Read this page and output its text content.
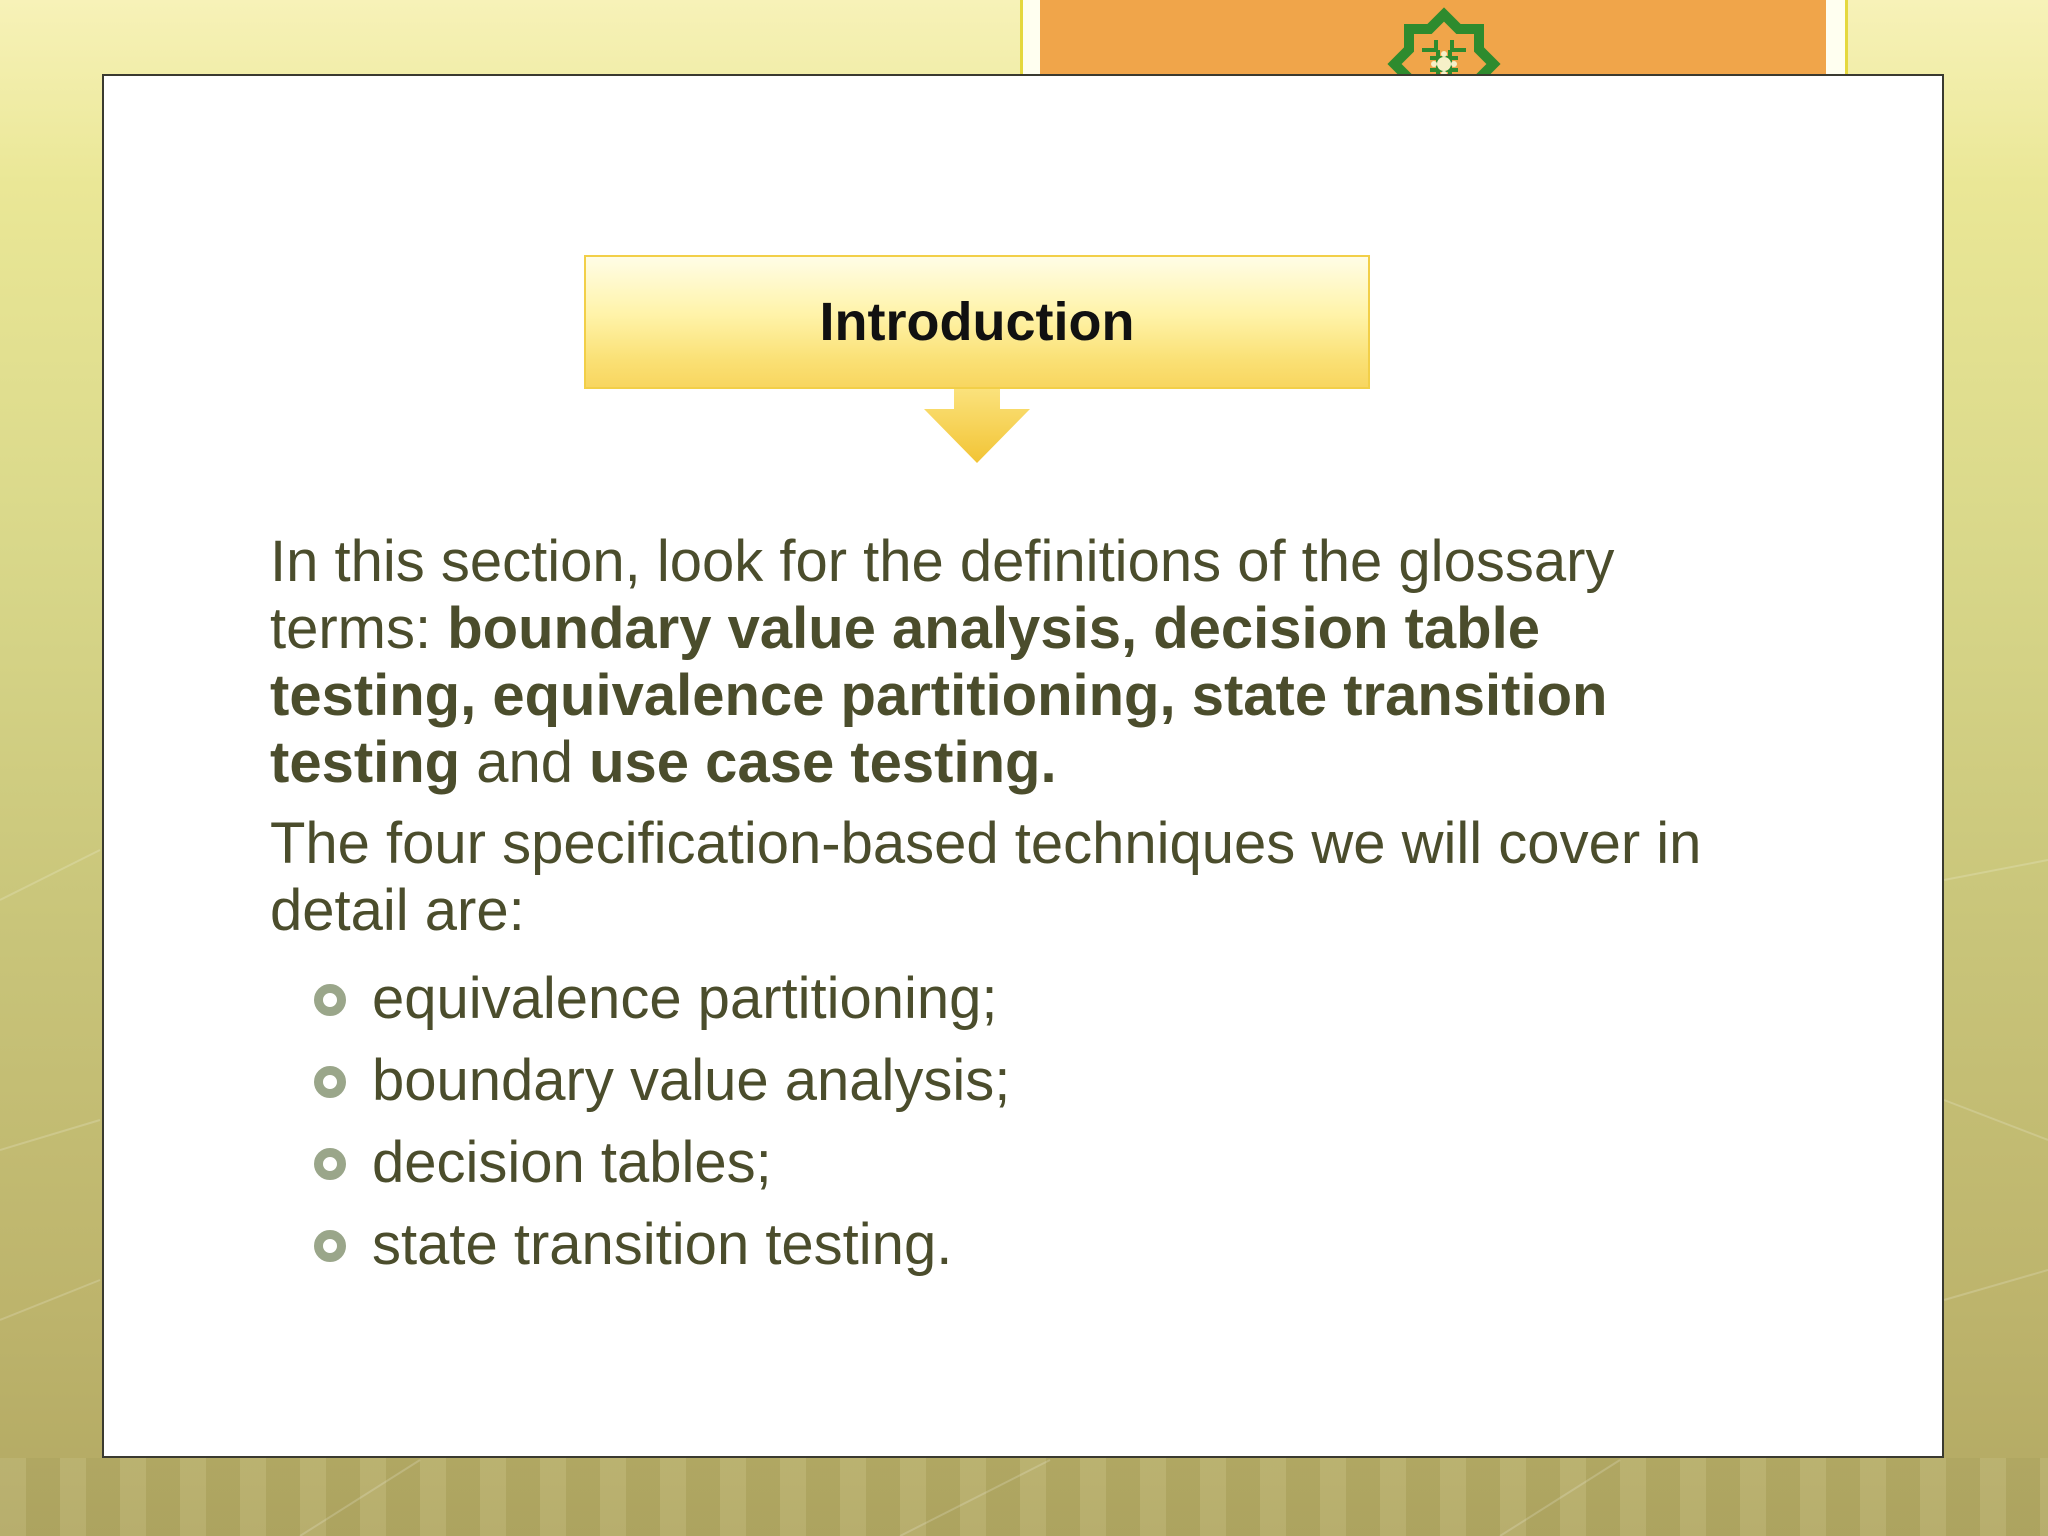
Introduction

In this section, look for the definitions of the glossary terms: boundary value analysis, decision table testing, equivalence partitioning, state transition testing and use case testing.

The four specification-based techniques we will cover in detail are:

equivalence partitioning;
boundary value analysis;
decision tables;
state transition testing.
